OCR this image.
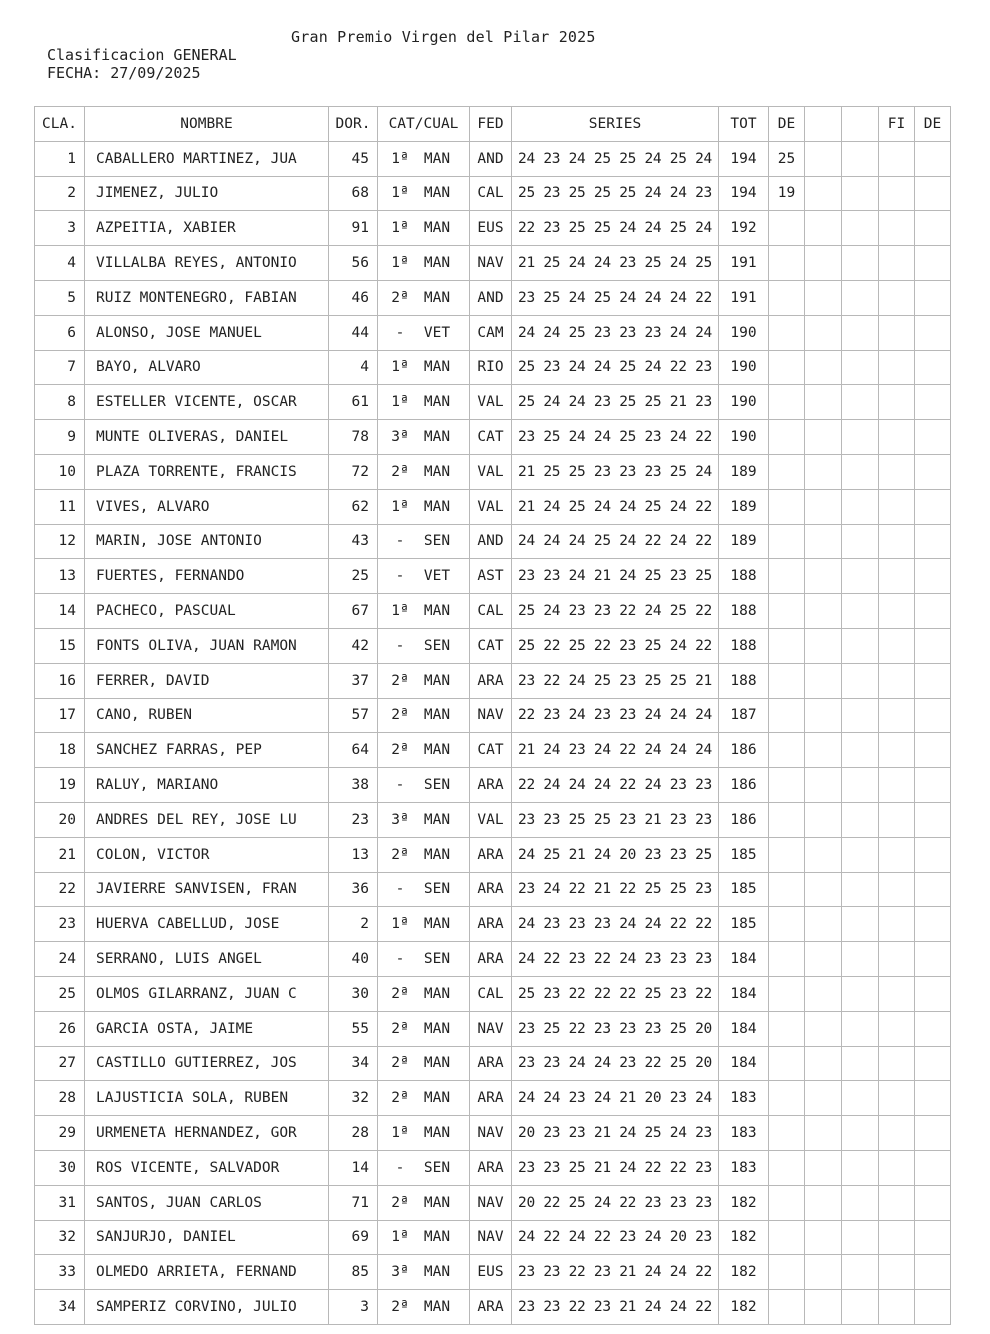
Gran Premio Virgen del Pilar 2025
Clasificacion GENERAL
FECHA: 27/09/2025
CLA.	NOMBRE	DOR.	CAT/CUAL	FED	SERIES	TOT	DE			FI	DE
1	CABALLERO MARTINEZ, JUA	45	1ª MAN	AND	24 23 24 25 25 24 25 24	194	25				
2	JIMENEZ, JULIO	68	1ª MAN	CAL	25 23 25 25 25 24 24 23	194	19				
3	AZPEITIA, XABIER	91	1ª MAN	EUS	22 23 25 25 24 24 25 24	192					
4	VILLALBA REYES, ANTONIO	56	1ª MAN	NAV	21 25 24 24 23 25 24 25	191					
5	RUIZ MONTENEGRO, FABIAN	46	2ª MAN	AND	23 25 24 25 24 24 24 22	191					
6	ALONSO, JOSE MANUEL	44	- VET	CAM	24 24 25 23 23 23 24 24	190					
7	BAYO, ALVARO	4	1ª MAN	RIO	25 23 24 24 25 24 22 23	190					
8	ESTELLER VICENTE, OSCAR	61	1ª MAN	VAL	25 24 24 23 25 25 21 23	190					
9	MUNTE OLIVERAS, DANIEL	78	3ª MAN	CAT	23 25 24 24 25 23 24 22	190					
10	PLAZA TORRENTE, FRANCIS	72	2ª MAN	VAL	21 25 25 23 23 23 25 24	189					
11	VIVES, ALVARO	62	1ª MAN	VAL	21 24 25 24 24 25 24 22	189					
12	MARIN, JOSE ANTONIO	43	- SEN	AND	24 24 24 25 24 22 24 22	189					
13	FUERTES, FERNANDO	25	- VET	AST	23 23 24 21 24 25 23 25	188					
14	PACHECO, PASCUAL	67	1ª MAN	CAL	25 24 23 23 22 24 25 22	188					
15	FONTS OLIVA, JUAN RAMON	42	- SEN	CAT	25 22 25 22 23 25 24 22	188					
16	FERRER, DAVID	37	2ª MAN	ARA	23 22 24 25 23 25 25 21	188					
17	CANO, RUBEN	57	2ª MAN	NAV	22 23 24 23 23 24 24 24	187					
18	SANCHEZ FARRAS, PEP	64	2ª MAN	CAT	21 24 23 24 22 24 24 24	186					
19	RALUY, MARIANO	38	- SEN	ARA	22 24 24 24 22 24 23 23	186					
20	ANDRES DEL REY, JOSE LU	23	3ª MAN	VAL	23 23 25 25 23 21 23 23	186					
21	COLON, VICTOR	13	2ª MAN	ARA	24 25 21 24 20 23 23 25	185					
22	JAVIERRE SANVISEN, FRAN	36	- SEN	ARA	23 24 22 21 22 25 25 23	185					
23	HUERVA CABELLUD, JOSE	2	1ª MAN	ARA	24 23 23 23 24 24 22 22	185					
24	SERRANO, LUIS ANGEL	40	- SEN	ARA	24 22 23 22 24 23 23 23	184					
25	OLMOS GILARRANZ, JUAN C	30	2ª MAN	CAL	25 23 22 22 22 25 23 22	184					
26	GARCIA OSTA, JAIME	55	2ª MAN	NAV	23 25 22 23 23 23 25 20	184					
27	CASTILLO GUTIERREZ, JOS	34	2ª MAN	ARA	23 23 24 24 23 22 25 20	184					
28	LAJUSTICIA SOLA, RUBEN	32	2ª MAN	ARA	24 24 23 24 21 20 23 24	183					
29	URMENETA HERNANDEZ, GOR	28	1ª MAN	NAV	20 23 23 21 24 25 24 23	183					
30	ROS VICENTE, SALVADOR	14	- SEN	ARA	23 23 25 21 24 22 22 23	183					
31	SANTOS, JUAN CARLOS	71	2ª MAN	NAV	20 22 25 24 22 23 23 23	182					
32	SANJURJO, DANIEL	69	1ª MAN	NAV	24 22 24 22 23 24 20 23	182					
33	OLMEDO ARRIETA, FERNAND	85	3ª MAN	EUS	23 23 22 23 21 24 24 22	182					
34	SAMPERIZ CORVINO, JULIO	3	2ª MAN	ARA	23 23 22 23 21 24 24 22	182					
